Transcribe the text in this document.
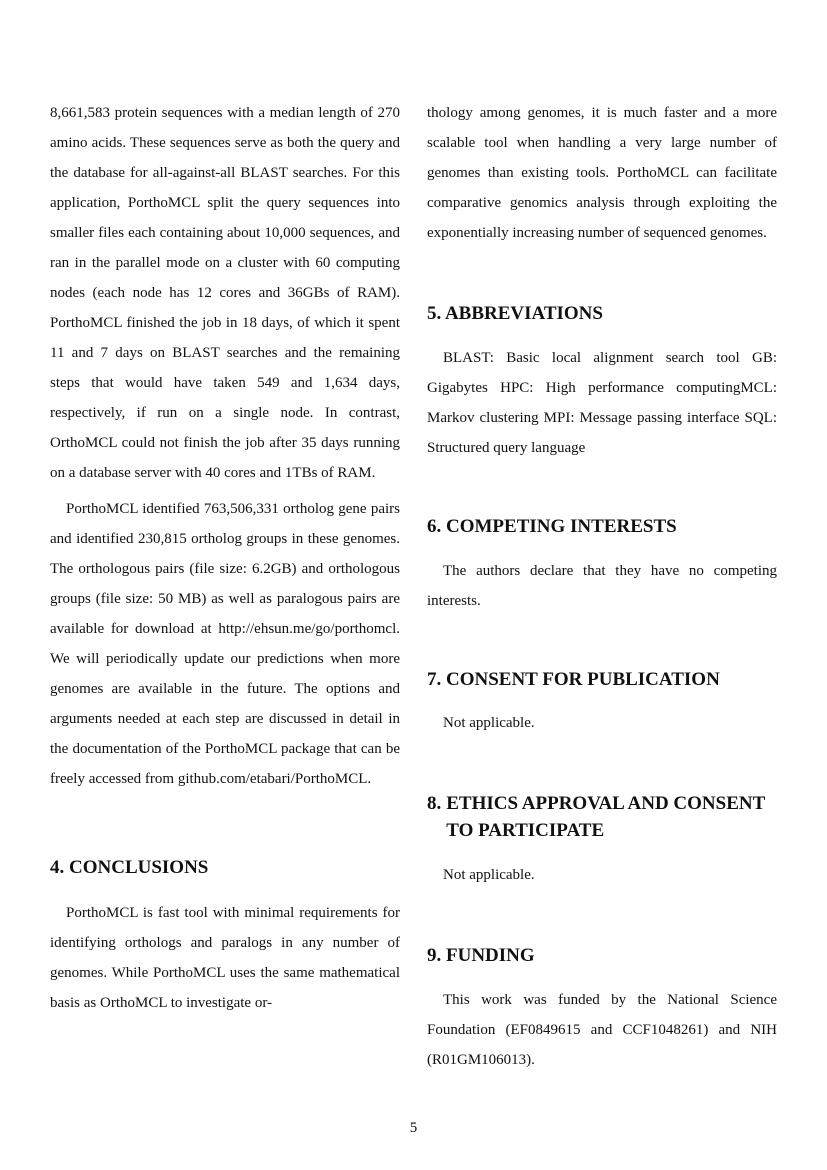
8,661,583 protein sequences with a median length of 270 amino acids. These sequences serve as both the query and the database for all-against-all BLAST searches. For this application, PorthoMCL split the query sequences into smaller files each containing about 10,000 sequences, and ran in the parallel mode on a cluster with 60 computing nodes (each node has 12 cores and 36GBs of RAM). PorthoMCL finished the job in 18 days, of which it spent 11 and 7 days on BLAST searches and the remaining steps that would have taken 549 and 1,634 days, respectively, if run on a single node. In contrast, OrthoMCL could not finish the job after 35 days running on a database server with 40 cores and 1TBs of RAM.

PorthoMCL identified 763,506,331 ortholog gene pairs and identified 230,815 ortholog groups in these genomes. The orthologous pairs (file size: 6.2GB) and orthologous groups (file size: 50 MB) as well as paralogous pairs are available for download at http://ehsun.me/go/porthomcl. We will periodically update our predictions when more genomes are available in the future. The options and arguments needed at each step are discussed in detail in the documentation of the PorthoMCL package that can be freely accessed from github.com/etabari/PorthoMCL.

4. CONCLUSIONS

PorthoMCL is fast tool with minimal requirements for identifying orthologs and paralogs in any number of genomes. While PorthoMCL uses the same mathematical basis as OrthoMCL to investigate or-

thology among genomes, it is much faster and a more scalable tool when handling a very large number of genomes than existing tools. PorthoMCL can facilitate comparative genomics analysis through exploiting the exponentially increasing number of sequenced genomes.

5. ABBREVIATIONS

BLAST: Basic local alignment search tool GB: Gigabytes HPC: High performance computingMCL: Markov clustering MPI: Message passing interface SQL: Structured query language

6. COMPETING INTERESTS

The authors declare that they have no competing interests.

7. CONSENT FOR PUBLICATION

Not applicable.

8. ETHICS APPROVAL AND CONSENT TO PARTICIPATE

Not applicable.

9. FUNDING

This work was funded by the National Science Foundation (EF0849615 and CCF1048261) and NIH (R01GM106013).

5
